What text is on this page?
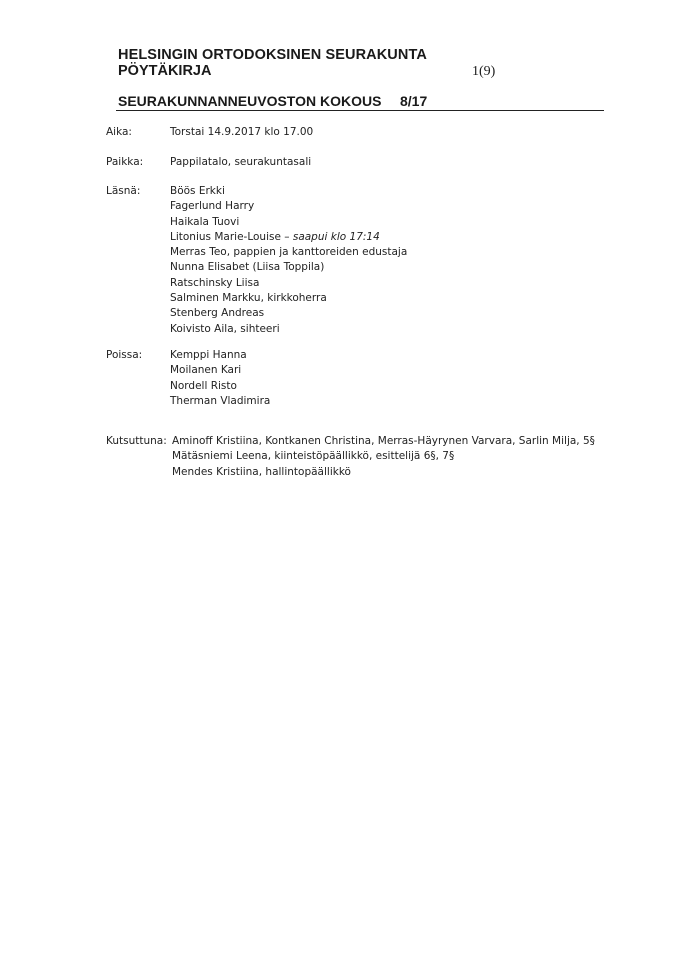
HELSINGIN ORTODOKSINEN SEURAKUNTA
PÖYTÄKIRJA	1(9)
SEURAKUNNANNEUVOSTON KOKOUS 8/17
Aika:	Torstai 14.9.2017 klo 17.00
Paikka:	Pappilatalo, seurakuntasali
Läsnä:	Böös Erkki
Fagerlund Harry
Haikala Tuovi
Litonius Marie-Louise – saapui klo 17:14
Merras Teo, pappien ja kanttoreiden edustaja
Nunna Elisabet (Liisa Toppila)
Ratschinsky Liisa
Salminen Markku, kirkkoherra
Stenberg Andreas
Koivisto Aila, sihteeri
Poissa:	Kemppi Hanna
Moilanen Kari
Nordell Risto
Therman Vladimira
Kutsuttuna: Aminoff Kristiina, Kontkanen Christina, Merras-Häyrynen Varvara, Sarlin Milja, 5§
Mätäsniemi Leena, kiinteistöpäällikkö, esittelijä 6§, 7§
Mendes Kristiina, hallintopäällikkö
